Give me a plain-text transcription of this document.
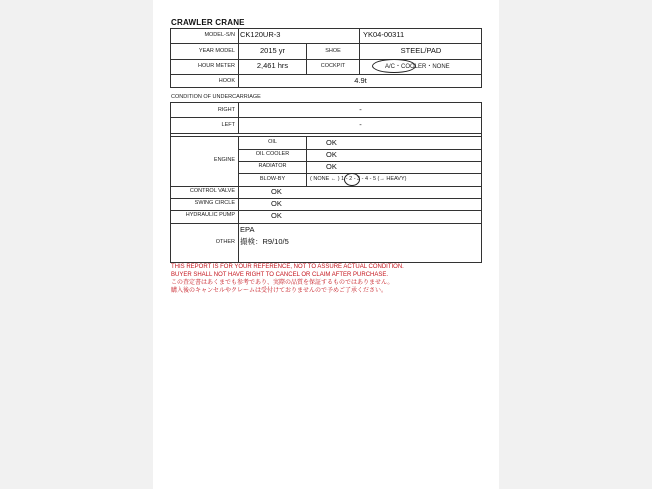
CRAWLER CRANE
MODEL-S/N CK120UR-3	YK04-00311
YEAR MODEL	2015 yr	SHOE	STEEL/PAD
HOUR METER	2,461 hrs	COCKPIT	A/C・COOLER・NONE
HOOK	4.9t
CONDITION OF UNDERCARRIAGE
RIGHT	-
LEFT	-
ENGINE
OIL	OK
OIL COOLER	OK
RADIATOR	OK
BLOW-BY	( NONE ← ) 1 - 2 - 3 - 4 - 5 (→ HEAVY)
CONTROL VALVE	OK
SWING CIRCLE	OK
HYDRAULIC PUMP	OK
OTHER
EPA
撮検：R9/10/5
THIS REPORT IS FOR YOUR REFERENCE, NOT TO ASSURE ACTUAL CONDITION.
BUYER SHALL NOT HAVE RIGHT TO CANCEL OR CLAIM AFTER PURCHASE.
この査定書はあくまでも参考であり、実際の品質を保証するものではありません。
購入後のキャンセルやクレームは受付けておりませんので予めご了承ください。
